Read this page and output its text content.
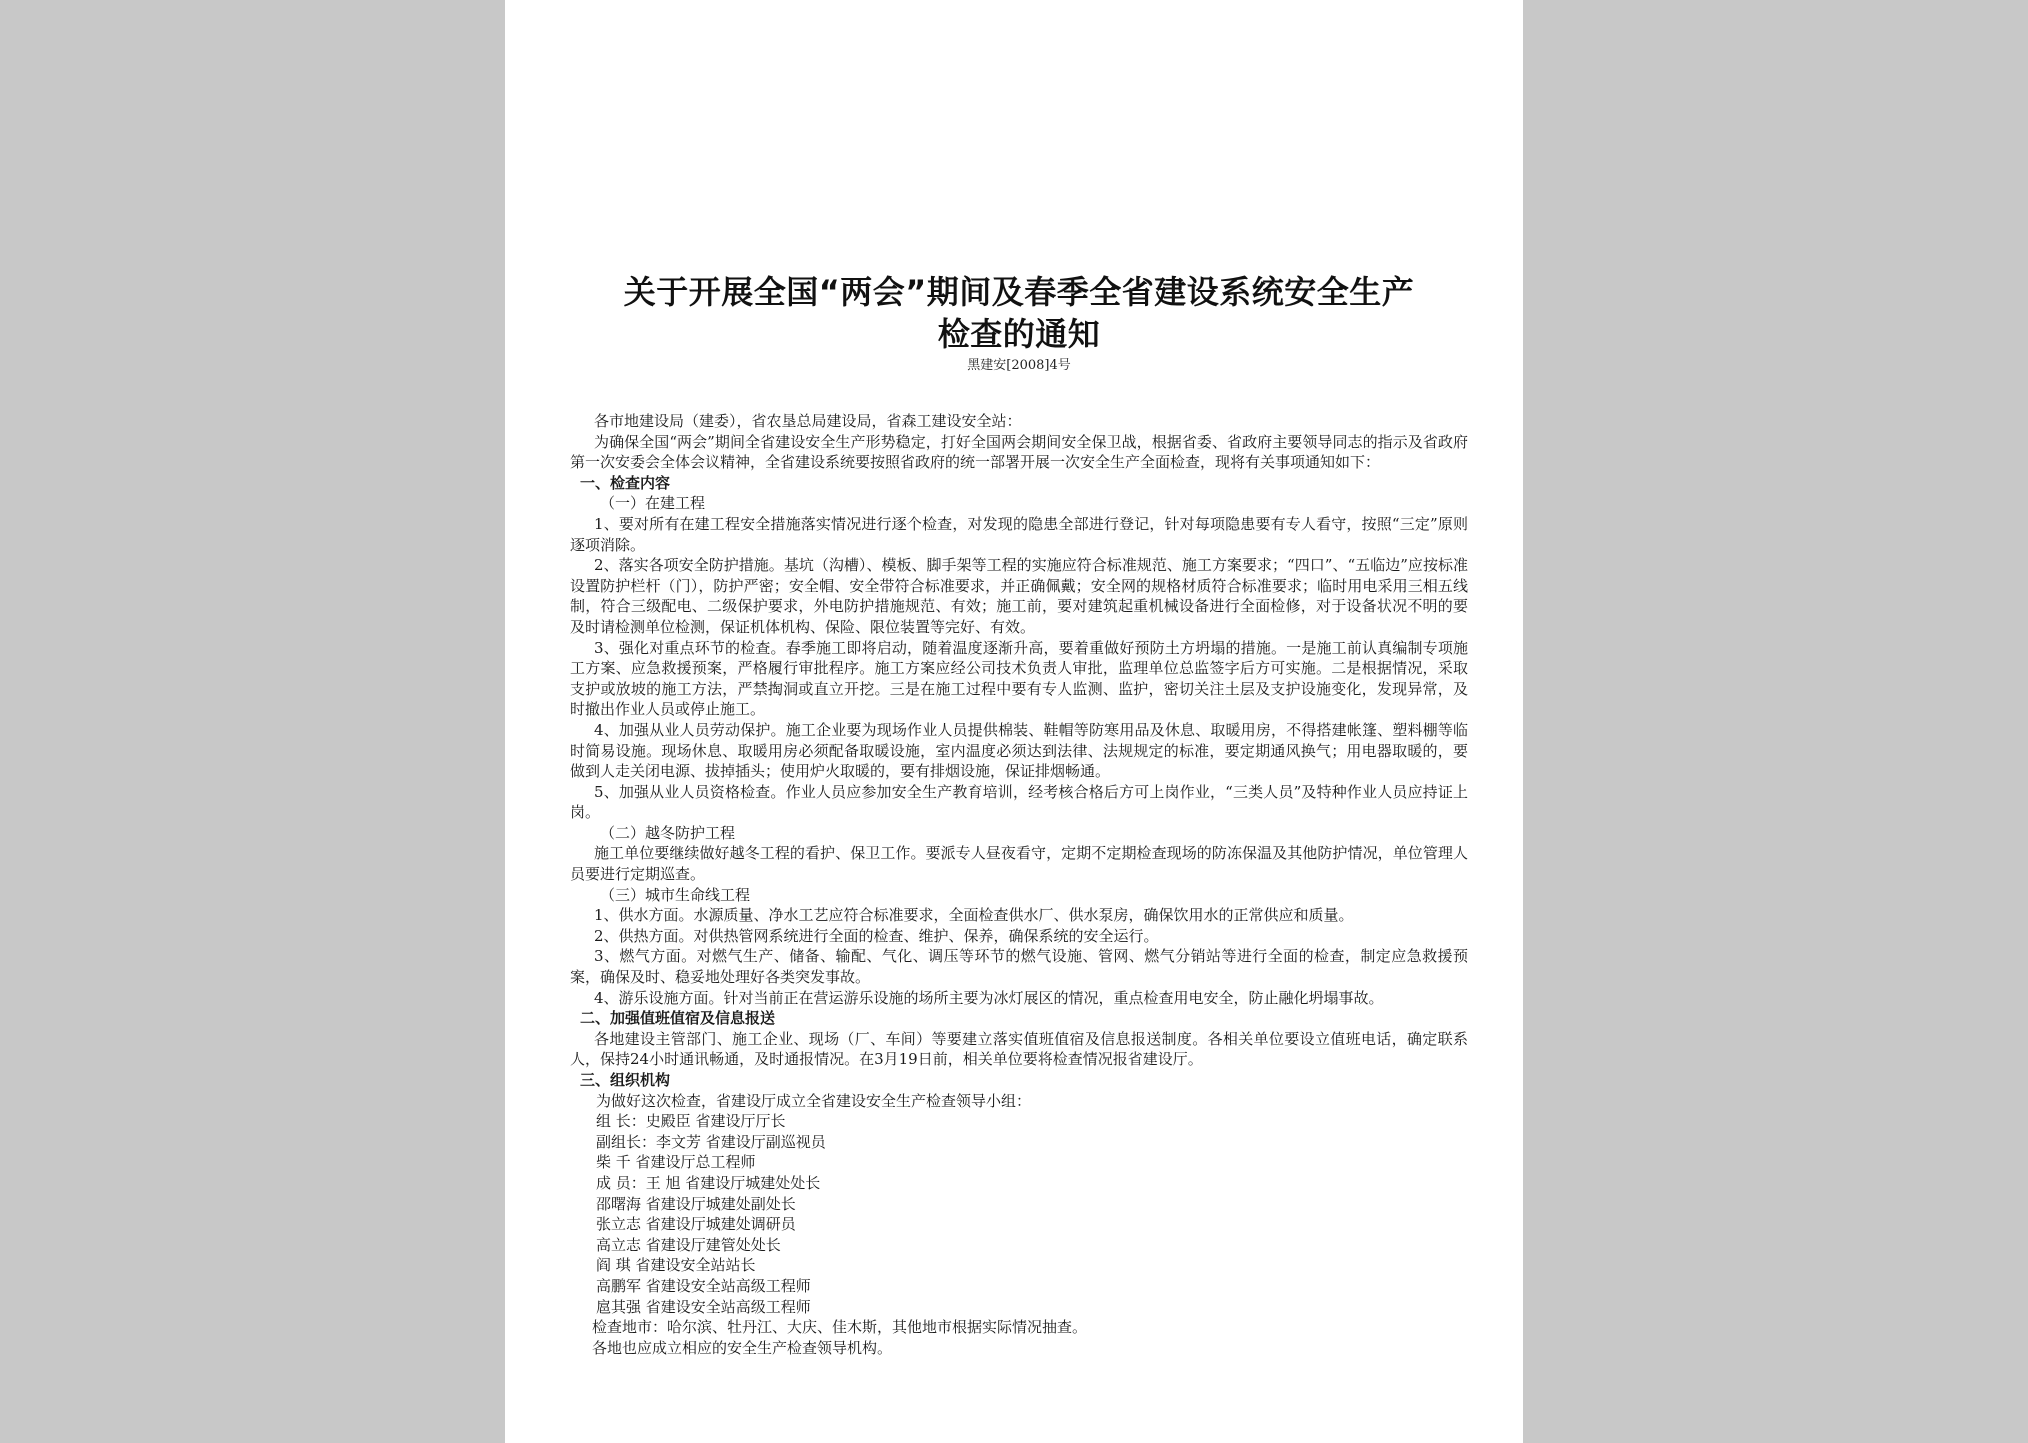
关于开展全国“两会”期间及春季全省建设系统安全生产
检查的通知
黑建安[2008]4号

各市地建设局（建委），省农垦总局建设局，省森工建设安全站：

为确保全国“两会”期间全省建设安全生产形势稳定，打好全国两会期间安全保卫战，根据省委、省政府主要领导同志的指示及省政府第一次安委会全体会议精神，全省建设系统要按照省政府的统一部署开展一次安全生产全面检查，现将有关事项通知如下：

一、检查内容

（一）在建工程

1、要对所有在建工程安全措施落实情况进行逐个检查，对发现的隐患全部进行登记，针对每项隐患要有专人看守，按照“三定”原则逐项消除。

2、落实各项安全防护措施。基坑（沟槽）、模板、脚手架等工程的实施应符合标准规范、施工方案要求；“四口”、“五临边”应按标准设置防护栏杆（门），防护严密；安全帽、安全带符合标准要求，并正确佩戴；安全网的规格材质符合标准要求；临时用电采用三相五线制，符合三级配电、二级保护要求，外电防护措施规范、有效；施工前，要对建筑起重机械设备进行全面检修，对于设备状况不明的要及时请检测单位检测，保证机体机构、保险、限位装置等完好、有效。

3、强化对重点环节的检查。春季施工即将启动，随着温度逐渐升高，要着重做好预防土方坍塌的措施。一是施工前认真编制专项施工方案、应急救援预案，严格履行审批程序。施工方案应经公司技术负责人审批，监理单位总监签字后方可实施。二是根据情况，采取支护或放坡的施工方法，严禁掏洞或直立开挖。三是在施工过程中要有专人监测、监护，密切关注土层及支护设施变化，发现异常，及时撤出作业人员或停止施工。

4、加强从业人员劳动保护。施工企业要为现场作业人员提供棉装、鞋帽等防寒用品及休息、取暖用房，不得搭建帐篷、塑料棚等临时简易设施。现场休息、取暖用房必须配备取暖设施，室内温度必须达到法律、法规规定的标准，要定期通风换气；用电器取暖的，要做到人走关闭电源、拔掉插头；使用炉火取暖的，要有排烟设施，保证排烟畅通。

5、加强从业人员资格检查。作业人员应参加安全生产教育培训，经考核合格后方可上岗作业，“三类人员”及特种作业人员应持证上岗。

（二）越冬防护工程

施工单位要继续做好越冬工程的看护、保卫工作。要派专人昼夜看守，定期不定期检查现场的防冻保温及其他防护情况，单位管理人员要进行定期巡查。

（三）城市生命线工程

1、供水方面。水源质量、净水工艺应符合标准要求，全面检查供水厂、供水泵房，确保饮用水的正常供应和质量。

2、供热方面。对供热管网系统进行全面的检查、维护、保养，确保系统的安全运行。

3、燃气方面。对燃气生产、储备、输配、气化、调压等环节的燃气设施、管网、燃气分销站等进行全面的检查，制定应急救援预案，确保及时、稳妥地处理好各类突发事故。

4、游乐设施方面。针对当前正在营运游乐设施的场所主要为冰灯展区的情况，重点检查用电安全，防止融化坍塌事故。

二、加强值班值宿及信息报送

各地建设主管部门、施工企业、现场（厂、车间）等要建立落实值班值宿及信息报送制度。各相关单位要设立值班电话，确定联系人，保持24小时通讯畅通，及时通报情况。在3月19日前，相关单位要将检查情况报省建设厅。

三、组织机构

为做好这次检查，省建设厅成立全省建设安全生产检查领导小组：

组 长：史殿臣 省建设厅厅长

副组长：李文芳 省建设厅副巡视员

柴 千 省建设厅总工程师

成 员：王 旭 省建设厅城建处处长

邵曙海 省建设厅城建处副处长

张立志 省建设厅城建处调研员

高立志 省建设厅建管处处长

阎 琪 省建设安全站站长

高鹏军 省建设安全站高级工程师

扈其强 省建设安全站高级工程师

检查地市：哈尔滨、牡丹江、大庆、佳木斯，其他地市根据实际情况抽查。

各地也应成立相应的安全生产检查领导机构。
